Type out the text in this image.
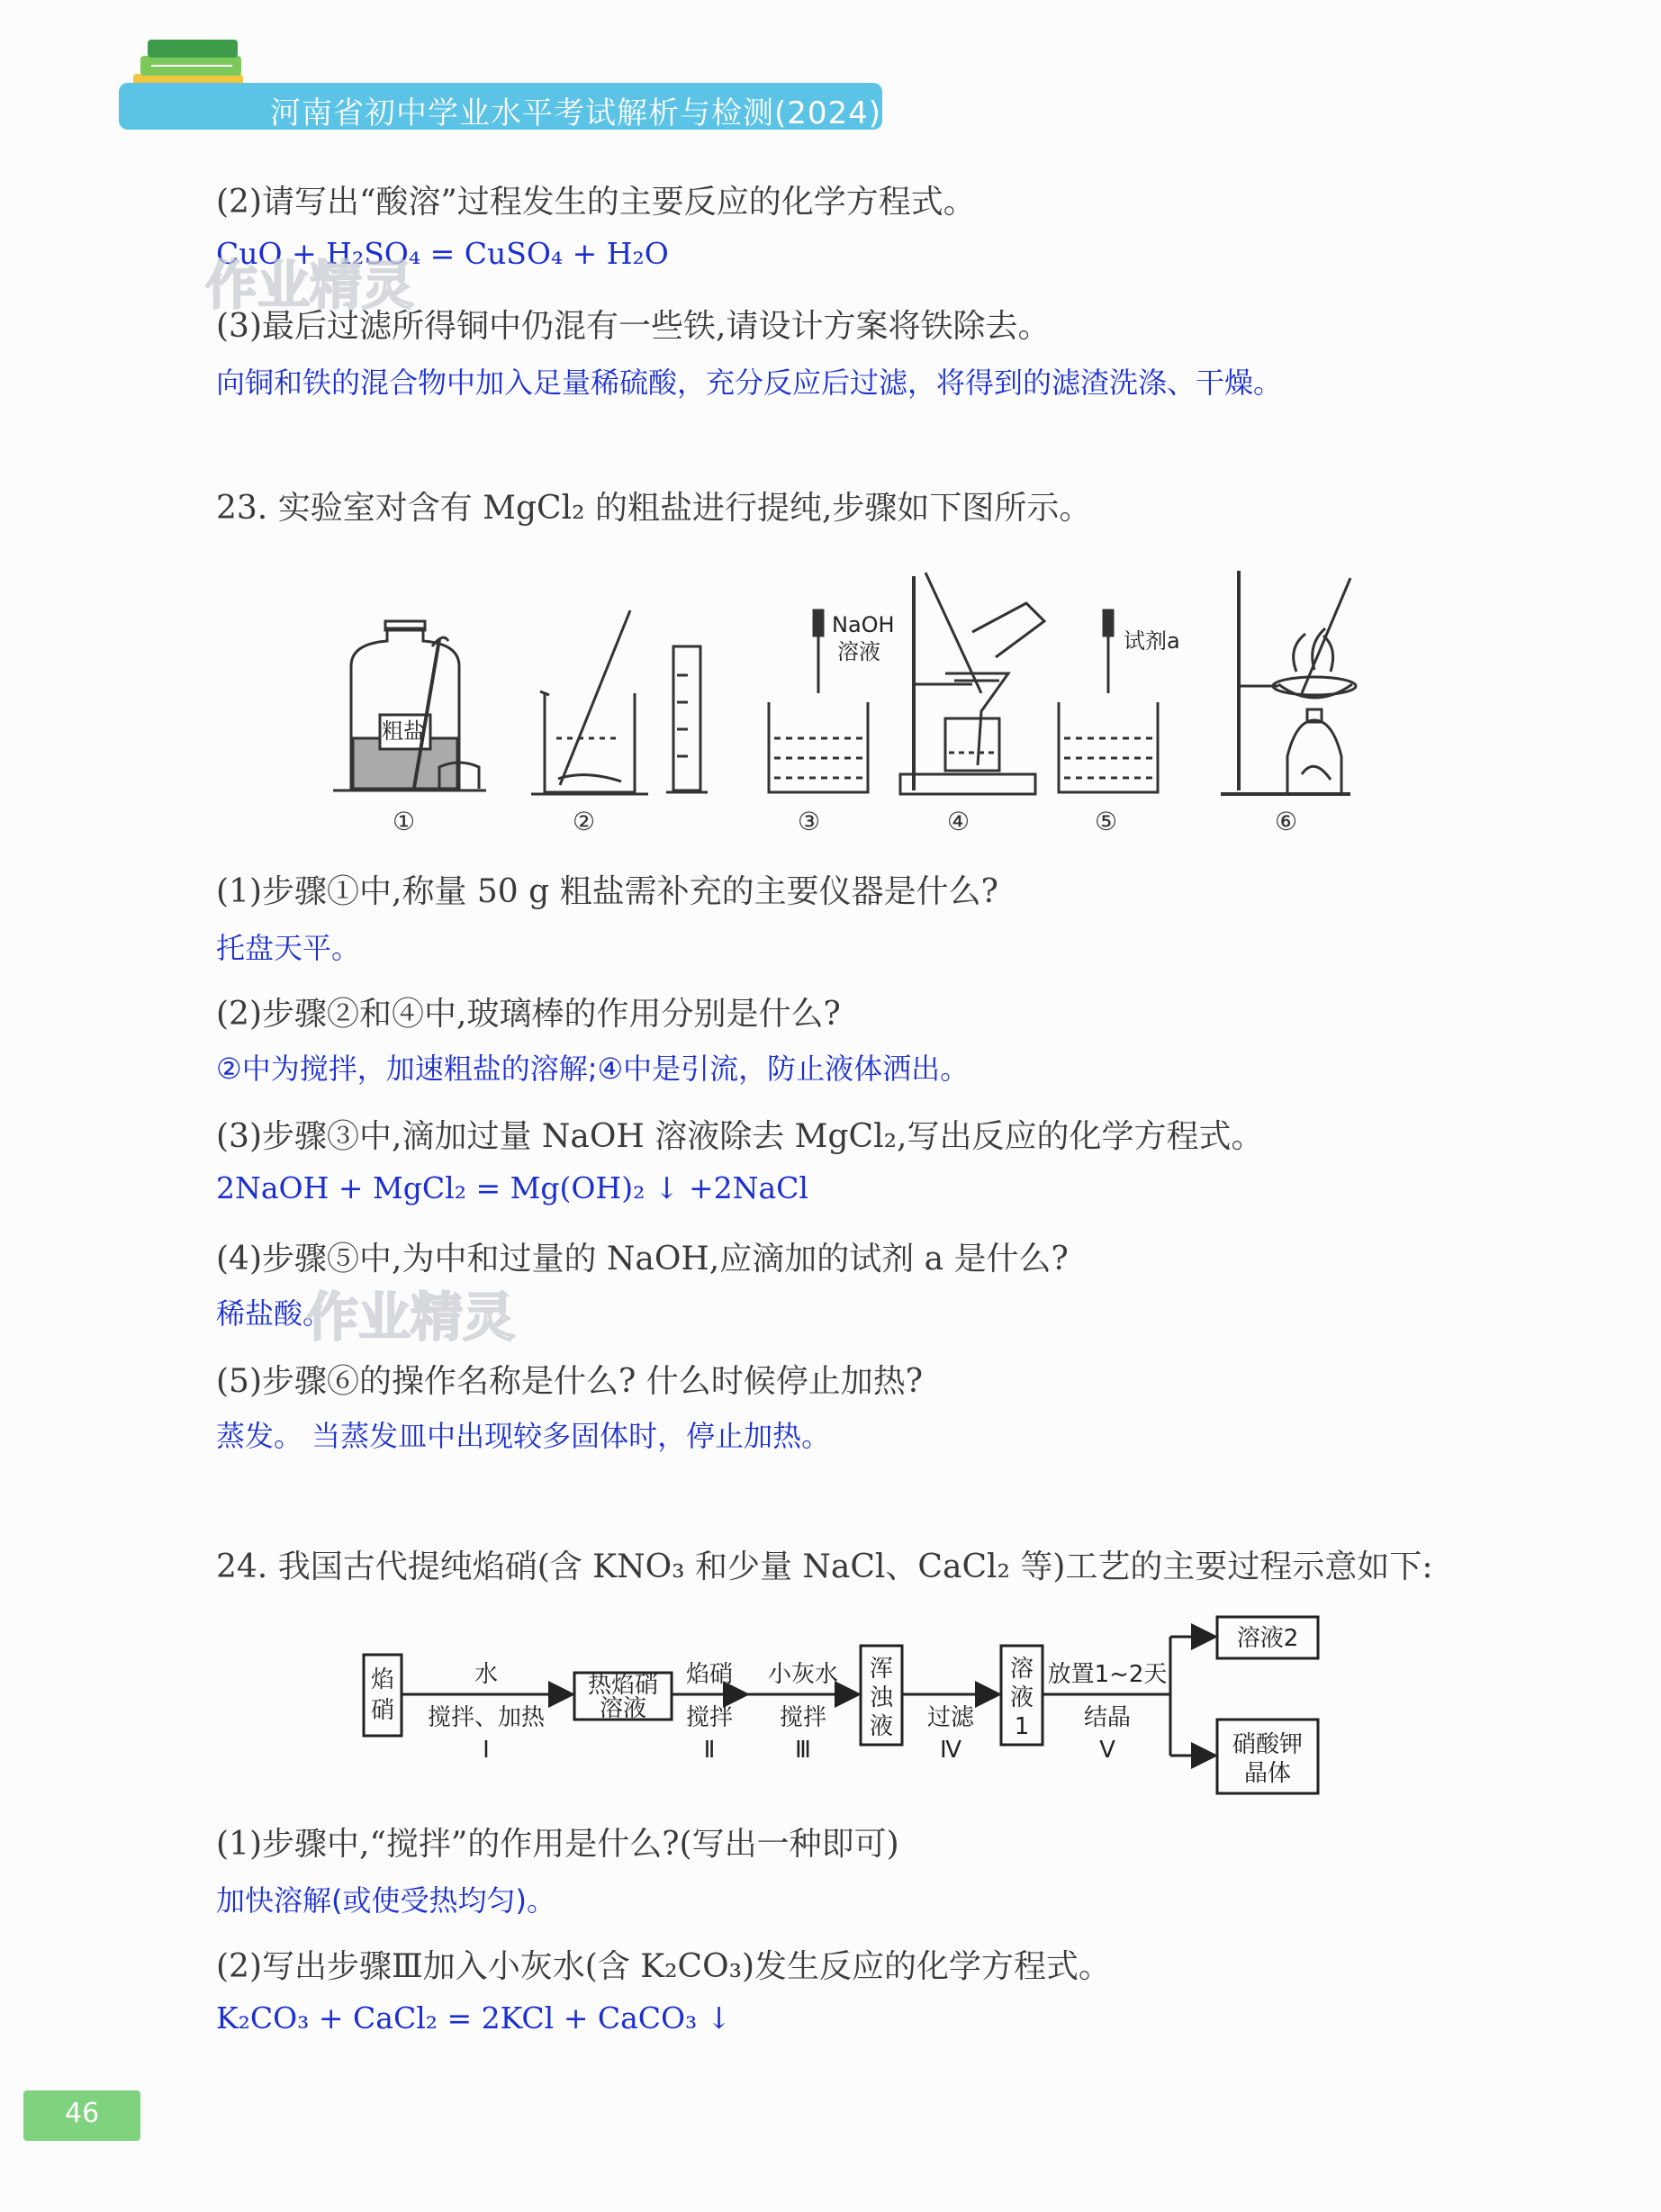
河南省初中学业水平考试解析与检测(2024)
(2)请写出“酸溶”过程发生的主要反应的化学方程式。
CuO + H₂SO₄ = CuSO₄ + H₂O
(3)最后过滤所得铜中仍混有一些铁,请设计方案将铁除去。
向铜和铁的混合物中加入足量稀硫酸，充分反应后过滤，将得到的滤渣洗涤、干燥。
作业精灵
23. 实验室对含有 MgCl₂ 的粗盐进行提纯,步骤如下图所示。
粗盐
NaOH
溶液	试剂a
①	②	③	④	⑤	⑥
(1)步骤①中,称量 50 g 粗盐需补充的主要仪器是什么?
托盘天平。
(2)步骤②和④中,玻璃棒的作用分别是什么?
②中为搅拌，加速粗盐的溶解;④中是引流，防止液体洒出。
(3)步骤③中,滴加过量 NaOH 溶液除去 MgCl₂,写出反应的化学方程式。
2NaOH + MgCl₂ = Mg(OH)₂ ↓ +2NaCl
(4)步骤⑤中,为中和过量的 NaOH,应滴加的试剂 a 是什么?
稀盐酸。
作业精灵
(5)步骤⑥的操作名称是什么? 什么时候停止加热?
蒸发。 当蒸发皿中出现较多固体时，停止加热。
24. 我国古代提纯焰硝(含 KNO₃ 和少量 NaCl、CaCl₂ 等)工艺的主要过程示意如下:
焰
硝
水
搅拌、加热
Ⅰ
热焰硝
溶液
焰硝
搅拌
Ⅱ
小灰水
搅拌
Ⅲ
浑
浊
液 过滤
Ⅳ
溶
液
1
放置1~2天
结晶
Ⅴ
溶液2
硝酸钾
晶体
(1)步骤中,“搅拌”的作用是什么?(写出一种即可)
加快溶解(或使受热均匀)。
(2)写出步骤Ⅲ加入小灰水(含 K₂CO₃)发生反应的化学方程式。
K₂CO₃ + CaCl₂ = 2KCl + CaCO₃ ↓
46
